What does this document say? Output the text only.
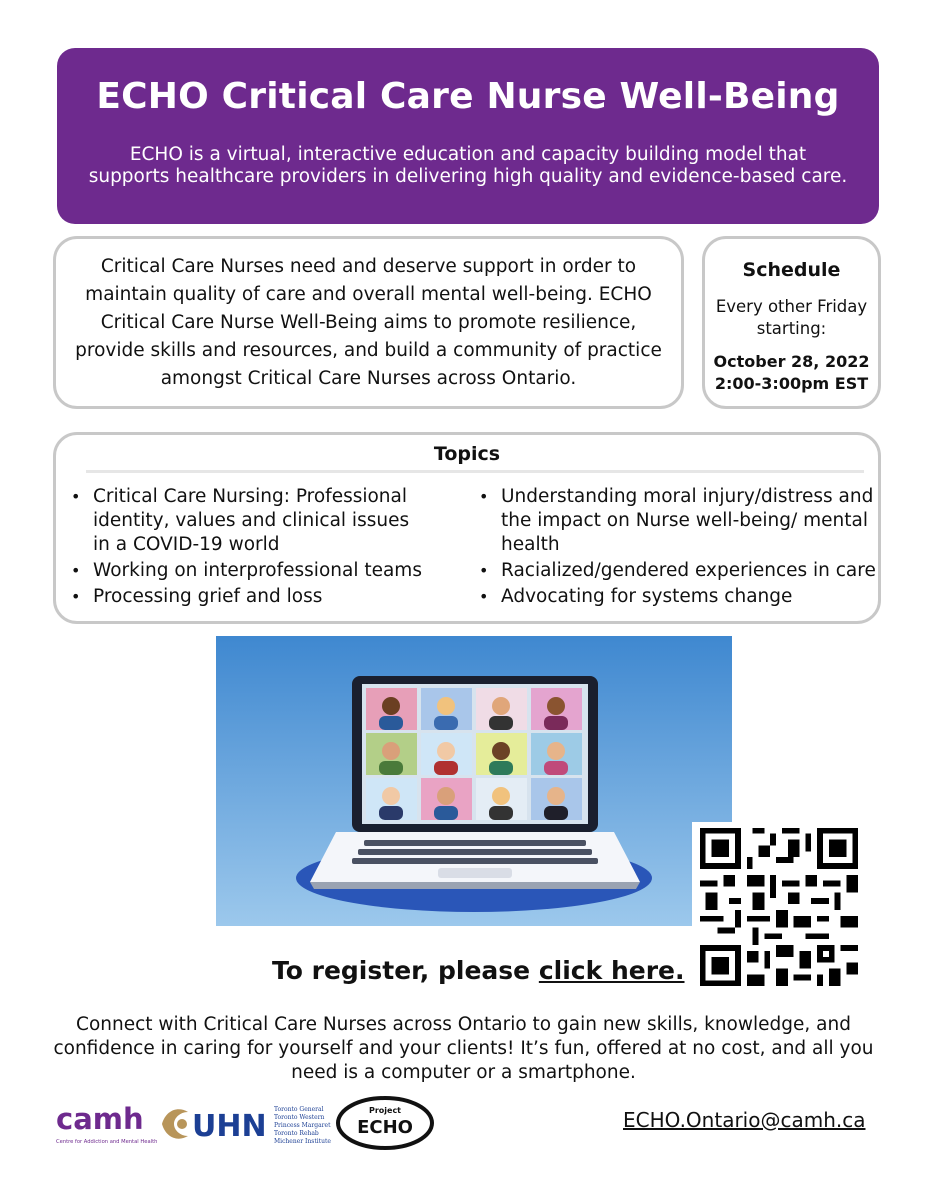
ECHO Critical Care Nurse Well-Being

ECHO is a virtual, interactive education and capacity building model that supports healthcare providers in delivering high quality and evidence-based care.

Critical Care Nurses need and deserve support in order to maintain quality of care and overall mental well-being. ECHO Critical Care Nurse Well-Being aims to promote resilience, provide skills and resources, and build a community of practice amongst Critical Care Nurses across Ontario.

Schedule
Every other Friday
starting:
October 28, 2022
2:00-3:00pm EST
Topics
• Critical Care Nursing: Professional identity, values and clinical issues in a COVID-19 world
• Working on interprofessional teams
• Processing grief and loss
• Understanding moral injury/distress and the impact on Nurse well-being/ mental health
• Racialized/gendered experiences in care
• Advocating for systems change
To register, please click here.
Connect with Critical Care Nurses across Ontario to gain new skills, knowledge, and confidence in caring for yourself and your clients! It’s fun, offered at no cost, and all you need is a computer or a smartphone.
camh
Centre for Addiction and Mental Health UHN Toronto General
Toronto Western
Princess Margaret
Toronto Rehab
Michener Institute
Project
ECHO	ECHO.Ontario@camh.ca
